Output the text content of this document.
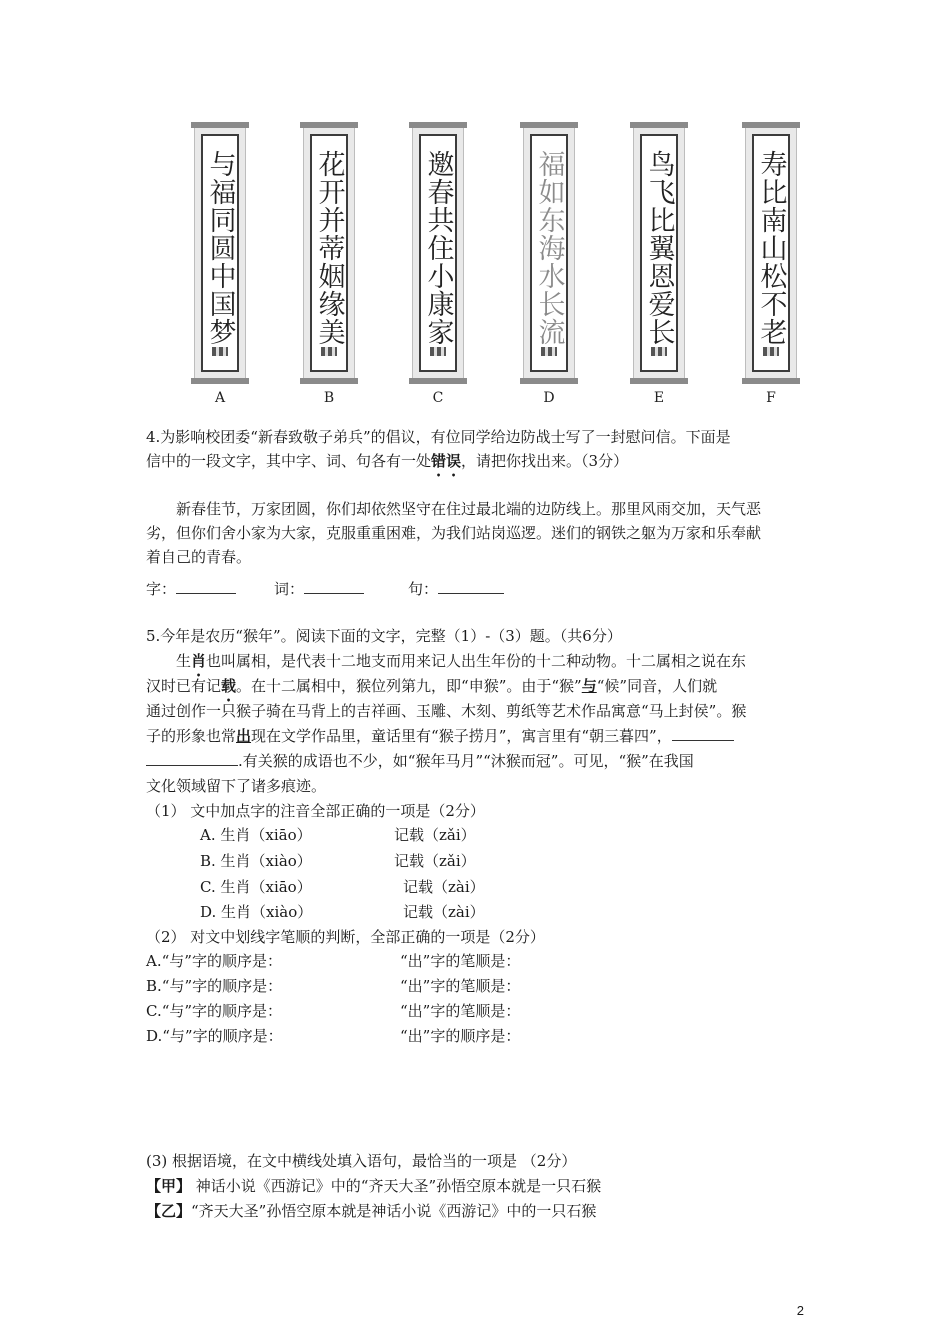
与福同圆中国梦	花开并蒂姻缘美	邀春共住小康家	福如东海水长流	鸟飞比翼恩爱长	寿比南山松不老
A	B	C	D	E	F
4.为影响校团委“新春致敬子弟兵”的倡议，有位同学给边防战士写了一封慰问信。下面是
信中的一段文字，其中字、词、句各有一处错误，请把你找出来。（3分）
新春佳节，万家团圆，你们却依然坚守在住过最北端的边防线上。那里风雨交加，天气恶
劣，但你们舍小家为大家，克服重重困难，为我们站岗巡逻。迷们的钢铁之躯为万家和乐奉献
着自己的青春。
字：	词：	句：
5.今年是农历“猴年”。阅读下面的文字，完整（1）-（3）题。（共6分）
生肖也叫属相，是代表十二地支而用来记人出生年份的十二种动物。十二属相之说在东
汉时已有记载。在十二属相中，猴位列第九，即“申猴”。由于“猴”与“候”同音，人们就
通过创作一只猴子骑在马背上的吉祥画、玉雕、木刻、剪纸等艺术作品寓意“马上封侯”。猴
子的形象也常出现在文学作品里，童话里有“猴子捞月”，寓言里有“朝三暮四”，
.有关猴的成语也不少，如“猴年马月”“沐猴而冠”。可见，“猴”在我国
文化领域留下了诸多痕迹。
（1） 文中加点字的注音全部正确的一项是（2分）
A. 生肖（xiāo）	记载（zǎi）
B. 生肖（xiào）	记载（zǎi）
C. 生肖（xiāo）	记载（zài）
D. 生肖（xiào）	记载（zài）
（2） 对文中划线字笔顺的判断，全部正确的一项是（2分）
A.“与”字的顺序是：	“出”字的笔顺是：
B.“与”字的顺序是：	“出”字的笔顺是：
C.“与”字的顺序是：	“出”字的笔顺是：
D.“与”字的顺序是：	“出”字的顺序是：
(3) 根据语境，在文中横线处填入语句，最恰当的一项是 （2分）
【甲】 神话小说《西游记》中的“齐天大圣”孙悟空原本就是一只石猴
【乙】“齐天大圣”孙悟空原本就是神话小说《西游记》中的一只石猴
2
